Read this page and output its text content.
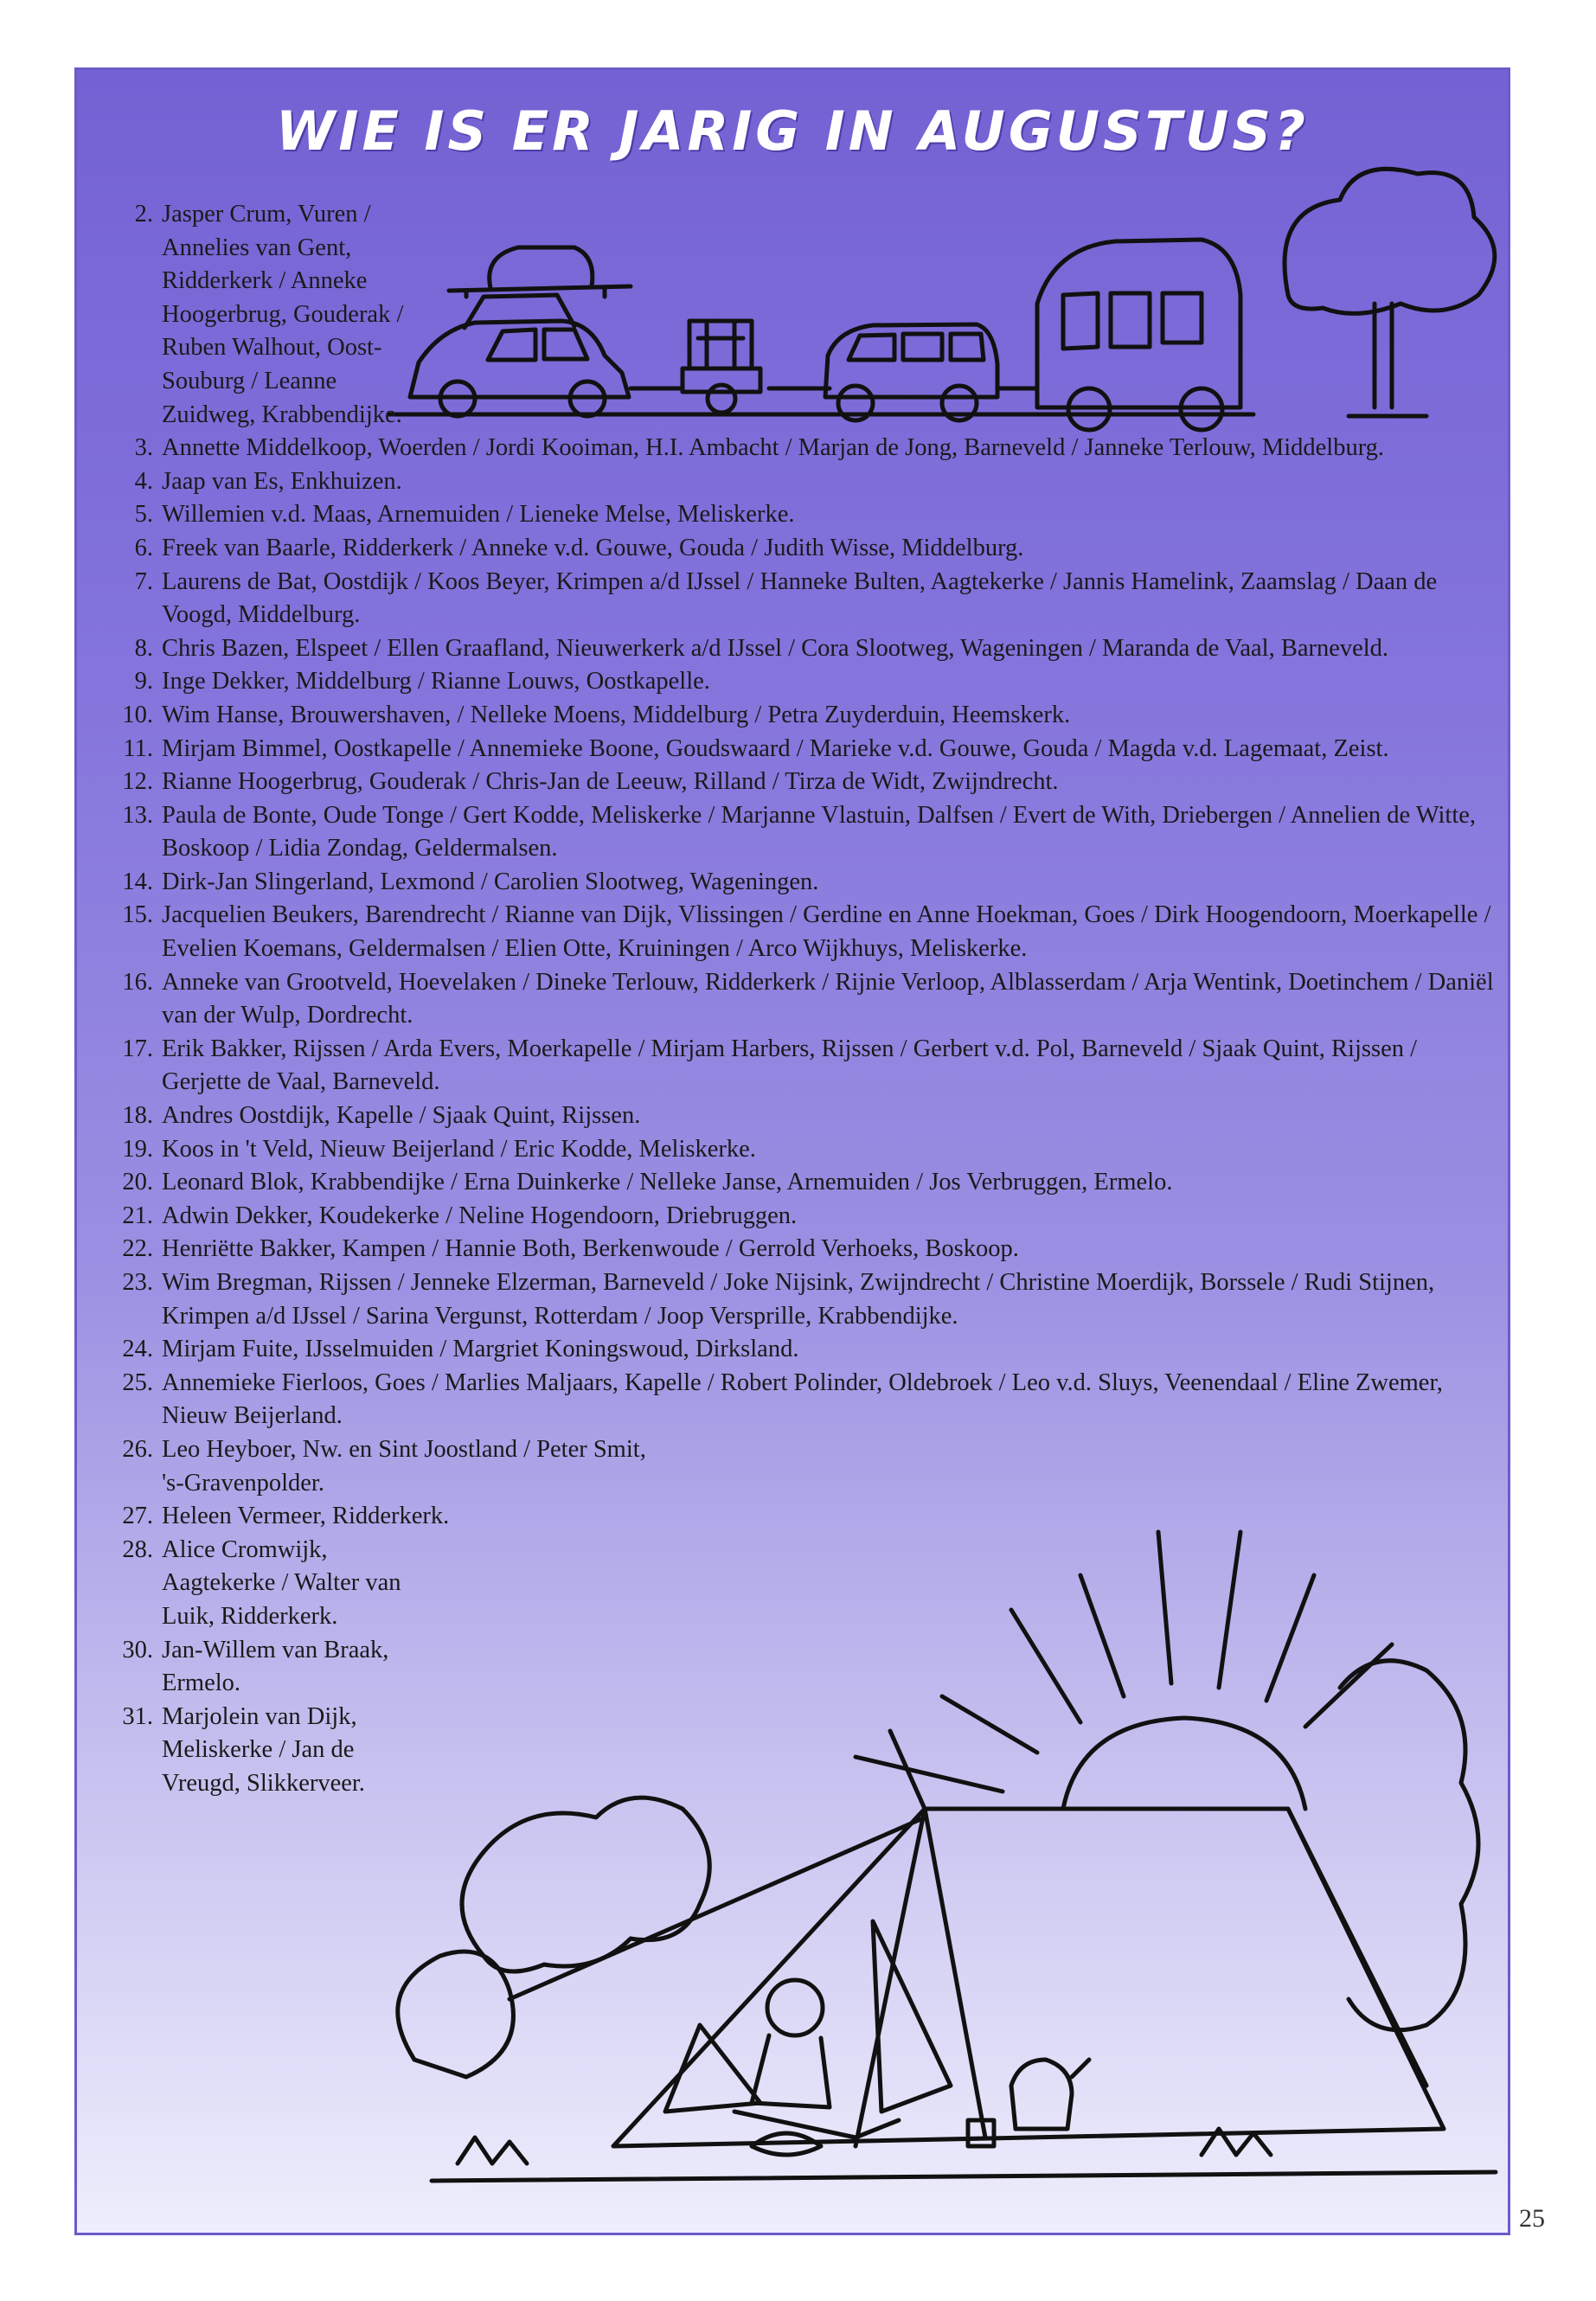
WIE IS ER JARIG IN AUGUSTUS?
2. Jasper Crum, Vuren / Annelies van Gent, Ridderkerk / Anneke Hoogerbrug, Gouderak / Ruben Walhout, Oost-Souburg / Leanne Zuidweg, Krabbendijke.
3. Annette Middelkoop, Woerden / Jordi Kooiman, H.I. Ambacht / Marjan de Jong, Barneveld / Janneke Terlouw, Middelburg.
4. Jaap van Es, Enkhuizen.
5. Willemien v.d. Maas, Arnemuiden / Lieneke Melse, Meliskerke.
6. Freek van Baarle, Ridderkerk / Anneke v.d. Gouwe, Gouda / Judith Wisse, Middelburg.
7. Laurens de Bat, Oostdijk / Koos Beyer, Krimpen a/d IJssel / Hanneke Bulten, Aagtekerke / Jannis Hamelink, Zaamslag / Daan de Voogd, Middelburg.
8. Chris Bazen, Elspeet / Ellen Graafland, Nieuwerkerk a/d IJssel / Cora Slootweg, Wageningen / Maranda de Vaal, Barneveld.
9. Inge Dekker, Middelburg / Rianne Louws, Oostkapelle.
10. Wim Hanse, Brouwershaven, / Nelleke Moens, Middelburg / Petra Zuyderduin, Heemskerk.
11. Mirjam Bimmel, Oostkapelle / Annemieke Boone, Goudswaard / Marieke v.d. Gouwe, Gouda / Magda v.d. Lagemaat, Zeist.
12. Rianne Hoogerbrug, Gouderak / Chris-Jan de Leeuw, Rilland / Tirza de Widt, Zwijndrecht.
13. Paula de Bonte, Oude Tonge / Gert Kodde, Meliskerke / Marjanne Vlastuin, Dalfsen / Evert de With, Driebergen / Annelien de Witte, Boskoop / Lidia Zondag, Geldermalsen.
14. Dirk-Jan Slingerland, Lexmond / Carolien Slootweg, Wageningen.
15. Jacquelien Beukers, Barendrecht / Rianne van Dijk, Vlissingen / Gerdine en Anne Hoekman, Goes / Dirk Hoogendoorn, Moerkapelle / Evelien Koemans, Geldermalsen / Elien Otte, Kruiningen / Arco Wijkhuys, Meliskerke.
16. Anneke van Grootveld, Hoevelaken / Dineke Terlouw, Ridderkerk / Rijnie Verloop, Alblasserdam / Arja Wentink, Doetinchem / Daniël van der Wulp, Dordrecht.
17. Erik Bakker, Rijssen / Arda Evers, Moerkapelle / Mirjam Harbers, Rijssen / Gerbert v.d. Pol, Barneveld / Sjaak Quint, Rijssen / Gerjette de Vaal, Barneveld.
18. Andres Oostdijk, Kapelle / Sjaak Quint, Rijssen.
19. Koos in 't Veld, Nieuw Beijerland / Eric Kodde, Meliskerke.
20. Leonard Blok, Krabbendijke / Erna Duinkerke / Nelleke Janse, Arnemuiden / Jos Verbruggen, Ermelo.
21. Adwin Dekker, Koudekerke / Neline Hogendoorn, Driebruggen.
22. Henriëtte Bakker, Kampen / Hannie Both, Berkenwoude / Gerrold Verhoeks, Boskoop.
23. Wim Bregman, Rijssen / Jenneke Elzerman, Barneveld / Joke Nijsink, Zwijndrecht / Christine Moerdijk, Borssele / Rudi Stijnen, Krimpen a/d IJssel / Sarina Vergunst, Rotterdam / Joop Versprille, Krabbendijke.
24. Mirjam Fuite, IJsselmuiden / Margriet Koningswoud, Dirksland.
25. Annemieke Fierloos, Goes / Marlies Maljaars, Kapelle / Robert Polinder, Oldebroek / Leo v.d. Sluys, Veenendaal / Eline Zwemer, Nieuw Beijerland.
26. Leo Heyboer, Nw. en Sint Joostland / Peter Smit, 's-Gravenpolder.
27. Heleen Vermeer, Ridderkerk.
28. Alice Cromwijk, Aagtekerke / Walter van Luik, Ridderkerk.
30. Jan-Willem van Braak, Ermelo.
31. Marjolein van Dijk, Meliskerke / Jan de Vreugd, Slikkerveer.
25
